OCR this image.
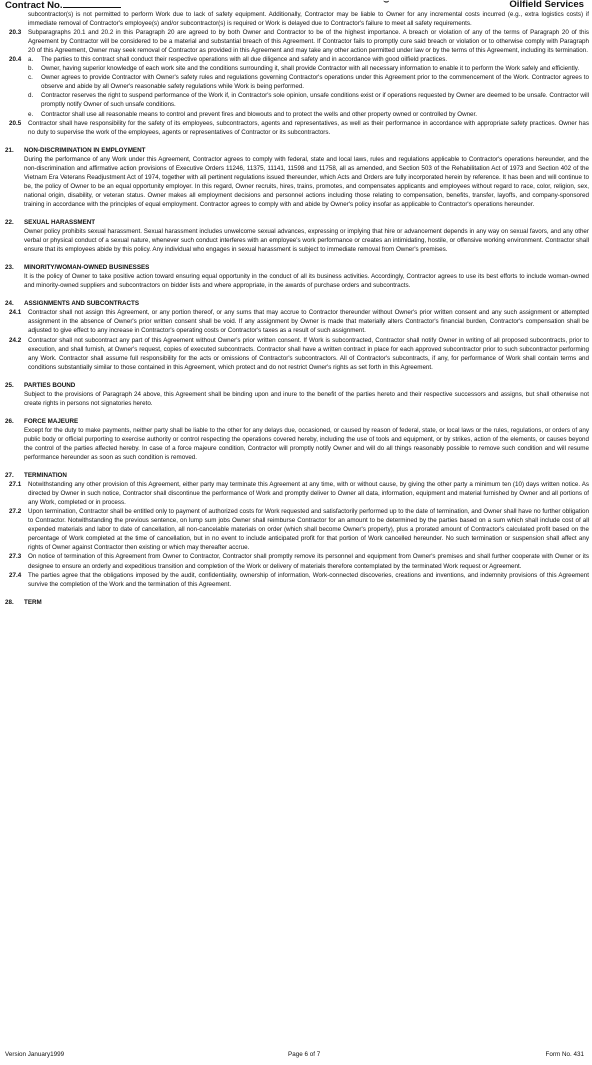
Contract No.	⌣	Oilfield Services
subcontractor(s) is not permitted to perform Work due to lack of safety equipment. Additionally, Contractor may be liable to Owner for any incremental costs incurred (e.g., extra logistics costs) if immediate removal of Contractor's employee(s) and/or subcontractor(s) is required or Work is delayed due to Contractor's failure to meet all safety requirements.
20.3	Subparagraphs 20.1 and 20.2 in this Paragraph 20 are agreed to by both Owner and Contractor to be of the highest importance. A breach or violation of any of the terms of Paragraph 20 of this Agreement by Contractor will be considered to be a material and substantial breach of this Agreement. If Contractor fails to promptly cure said breach or violation or to otherwise comply with Paragraph 20 of this Agreement, Owner may seek removal of Contractor as provided in this Agreement and may take any other action permitted under law or by the terms of this Agreement, including its termination.
20.4	a.	The parties to this contract shall conduct their respective operations with all due diligence and safety and in accordance with good oilfield practices.
b.	Owner, having superior knowledge of each work site and the conditions surrounding it, shall provide Contractor with all necessary information to enable it to perform the Work safely and efficiently.
c.	Owner agrees to provide Contractor with Owner's safety rules and regulations governing Contractor's operations under this Agreement prior to the commencement of the Work. Contractor agrees to observe and abide by all Owner's reasonable safety regulations while Work is being performed.
d.	Contractor reserves the right to suspend performance of the Work if, in Contractor's sole opinion, unsafe conditions exist or if operations requested by Owner are deemed to be unsafe. Contractor will promptly notify Owner of such unsafe conditions.
e.	Contractor shall use all reasonable means to control and prevent fires and blowouts and to protect the wells and other property owned or controlled by Owner.
20.5	Contractor shall have responsibility for the safety of its employees, subcontractors, agents and representatives, as well as their performance in accordance with appropriate safety practices. Owner has no duty to supervise the work of the employees, agents or representatives of Contractor or its subcontractors.
21.	NON-DISCRIMINATION IN EMPLOYMENT

During the performance of any Work under this Agreement, Contractor agrees to comply with federal, state and local laws, rules and regulations applicable to Contractor's operations hereunder, and the non-discrimination and affirmative action provisions of Executive Orders 11246, 11375, 11141, 11598 and 11758, all as amended, and Section 503 of the Rehabilitation Act of 1973 and Section 402 of the Vietnam Era Veterans Readjustment Act of 1974, together with all pertinent regulations issued thereunder, which Acts and Orders are fully incorporated herein by reference. It has been and will continue to be, the policy of Owner to be an equal opportunity employer. In this regard, Owner recruits, hires, trains, promotes, and compensates applicants and employees without regard to race, color, religion, sex, national origin, disability, or veteran status. Owner makes all employment decisions and personnel actions including those relating to compensation, benefits, transfer, layoffs, and company-sponsored training in accordance with the principles of equal employment. Contractor agrees to comply with and abide by Owner's policy insofar as applicable to Contractor's operations hereunder.

22.	SEXUAL HARASSMENT

Owner policy prohibits sexual harassment. Sexual harassment includes unwelcome sexual advances, expressing or implying that hire or advancement depends in any way on sexual favors, and any other verbal or physical conduct of a sexual nature, whenever such conduct interferes with an employee's work performance or creates an intimidating, hostile, or offensive working environment. Contractor shall ensure that its employees abide by this policy. Any individual who engages in sexual harassment is subject to immediate removal from Owner's premises.

23.	MINORITY/WOMAN-OWNED BUSINESSES

It is the policy of Owner to take positive action toward ensuring equal opportunity in the conduct of all its business activities. Accordingly, Contractor agrees to use its best efforts to include woman-owned and minority-owned suppliers and subcontractors on bidder lists and where appropriate, in the awards of purchase orders and subcontracts.

24.	ASSIGNMENTS AND SUBCONTRACTS
24.1	Contractor shall not assign this Agreement, or any portion thereof, or any sums that may accrue to Contractor thereunder without Owner's prior written consent and any such assignment or attempted assignment in the absence of Owner's prior written consent shall be void. If any assignment by Owner is made that materially alters Contractor's financial burden, Contractor's compensation shall be adjusted to give effect to any increase in Contractor's operating costs or Contractor's taxes as a result of such assignment.
24.2	Contractor shall not subcontract any part of this Agreement without Owner's prior written consent. If Work is subcontracted, Contractor shall notify Owner in writing of all proposed subcontracts, prior to execution, and shall furnish, at Owner's request, copies of executed subcontracts. Contractor shall have a written contract in place for each approved subcontractor prior to such subcontractor performing any Work. Contractor shall assume full responsibility for the acts or omissions of Contractor's subcontractors. All of Contractor's subcontracts, if any, for performance of Work shall contain terms and conditions substantially similar to those contained in this Agreement, which protect and do not restrict Owner's rights as set forth in this Agreement.
25.	PARTIES BOUND

Subject to the provisions of Paragraph 24 above, this Agreement shall be binding upon and inure to the benefit of the parties hereto and their respective successors and assigns, but shall otherwise not create rights in persons not signatories hereto.

26.	FORCE MAJEURE

Except for the duty to make payments, neither party shall be liable to the other for any delays due, occasioned, or caused by reason of federal, state, or local laws or the rules, regulations, or orders of any public body or official purporting to exercise authority or control respecting the operations covered hereby, including the use of tools and equipment, or by strikes, action of the elements, or causes beyond the control of the parties affected hereby. In case of a force majeure condition, Contractor will promptly notify Owner and will do all things reasonably possible to remove such condition and will resume performance hereunder as soon as such condition is removed.

27.	TERMINATION
27.1	Notwithstanding any other provision of this Agreement, either party may terminate this Agreement at any time, with or without cause, by giving the other party a minimum ten (10) days written notice. As directed by Owner in such notice, Contractor shall discontinue the performance of Work and promptly deliver to Owner all data, information, equipment and material furnished by Owner and all portions of any Work, completed or in process.
27.2	Upon termination, Contractor shall be entitled only to payment of authorized costs for Work requested and satisfactorily performed up to the date of termination, and Owner shall have no further obligation to Contractor. Notwithstanding the previous sentence, on lump sum jobs Owner shall reimburse Contractor for an amount to be determined by the parties based on a sum which shall include cost of all expended materials and labor to date of cancellation, all non-cancelable materials on order (which shall become Owner's property), plus a prorated amount of Contractor's calculated profit based on the percentage of Work completed at the time of cancellation, but in no event to include anticipated profit for that portion of Work cancelled hereunder. No such termination or suspension shall affect any rights of Owner against Contractor then existing or which may thereafter accrue.
27.3	On notice of termination of this Agreement from Owner to Contractor, Contractor shall promptly remove its personnel and equipment from Owner's premises and shall further cooperate with Owner or its designee to ensure an orderly and expeditious transition and completion of the Work or delivery of materials therefore contemplated by the terminated Work request or Agreement.
27.4	The parties agree that the obligations imposed by the audit, confidentiality, ownership of information, Work-connected discoveries, creations and inventions, and indemnity provisions of this Agreement survive the completion of the Work and the termination of this Agreement.
28.	TERM
Version January1999	Page 6 of 7	Form No. 431
